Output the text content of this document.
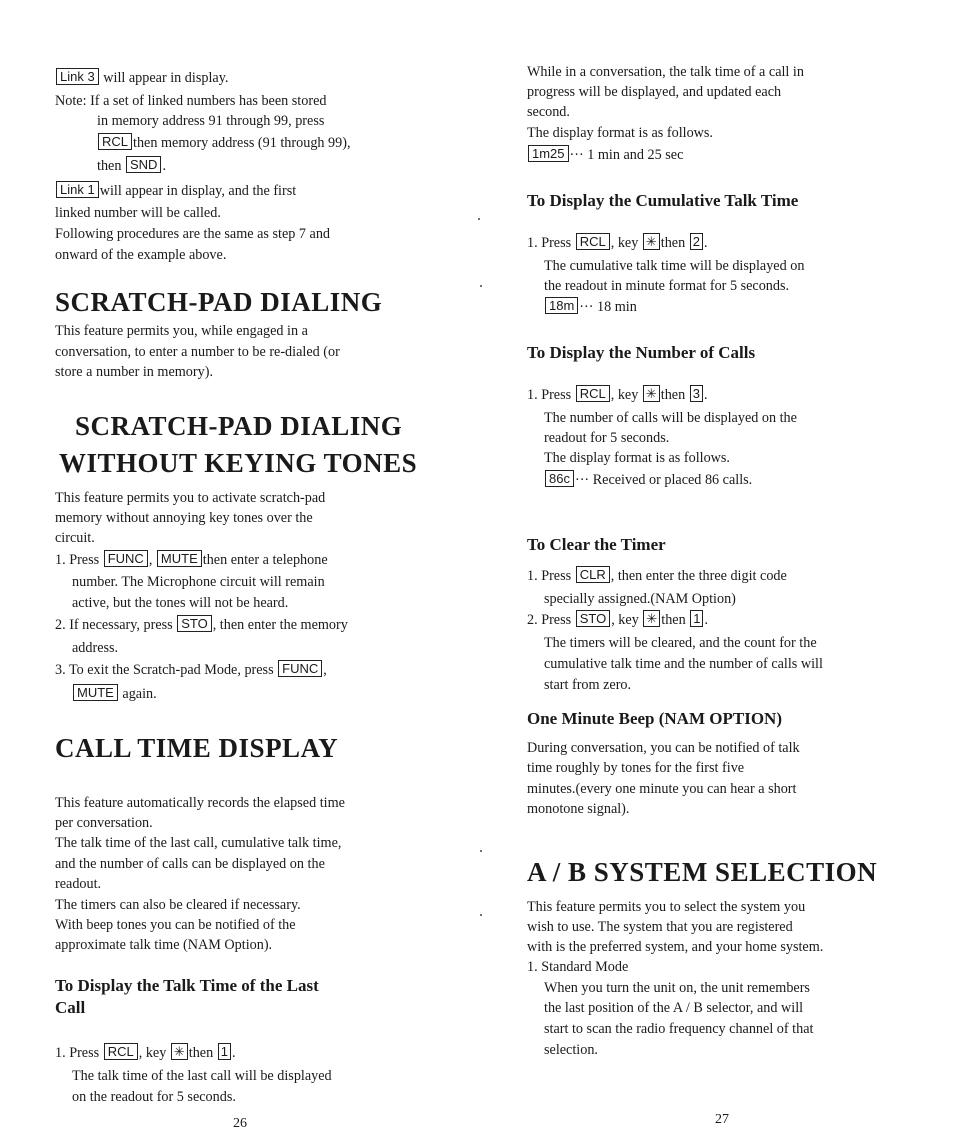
Link 3 will appear in display.
Note: If a set of linked numbers has been stored
in memory address 91 through 99, press
RCL then memory address (91 through 99),
then SND .
Link 1 will appear in display, and the first
linked number will be called.
Following procedures are the same as step 7 and
onward of the example above.
SCRATCH-PAD DIALING
This feature permits you, while engaged in a
conversation, to enter a number to be re-dialed (or
store a number in memory).
SCRATCH-PAD DIALING
WITHOUT KEYING TONES
This feature permits you to activate scratch-pad
memory without annoying key tones over the
circuit.
1. Press FUNC , MUTE then enter a telephone
number. The Microphone circuit will remain
active, but the tones will not be heard.
2. If necessary, press STO , then enter the memory
address.
3. To exit the Scratch-pad Mode, press FUNC ,
MUTE again.
CALL TIME DISPLAY
This feature automatically records the elapsed time
per conversation.
The talk time of the last call, cumulative talk time,
and the number of calls can be displayed on the
readout.
The timers can also be cleared if necessary.
With beep tones you can be notified of the
approximate talk time (NAM Option).
To Display the Talk Time of the Last
Call
1. Press RCL , key ✳ then 1 .
The talk time of the last call will be displayed
on the readout for 5 seconds.
26
While in a conversation, the talk time of a call in
progress will be displayed, and updated each
second.
The display format is as follows.
1m25 ··· 1 min and 25 sec
To Display the Cumulative Talk Time
1. Press RCL , key ✳ then 2 .
The cumulative talk time will be displayed on
the readout in minute format for 5 seconds.
18m ··· 18 min
To Display the Number of Calls
1. Press RCL , key ✳ then 3 .
The number of calls will be displayed on the
readout for 5 seconds.
The display format is as follows.
86c ··· Received or placed 86 calls.
To Clear the Timer
1. Press CLR , then enter the three digit code
specially assigned.(NAM Option)
2. Press STO , key ✳ then 1 .
The timers will be cleared, and the count for the
cumulative talk time and the number of calls will
start from zero.
One Minute Beep (NAM OPTION)
During conversation, you can be notified of talk
time roughly by tones for the first five
minutes.(every one minute you can hear a short
monotone signal).
A / B SYSTEM SELECTION
This feature permits you to select the system you
wish to use. The system that you are registered
with is the preferred system, and your home system.
1. Standard Mode
When you turn the unit on, the unit remembers
the last position of the A / B selector, and will
start to scan the radio frequency channel of that
selection.
27
